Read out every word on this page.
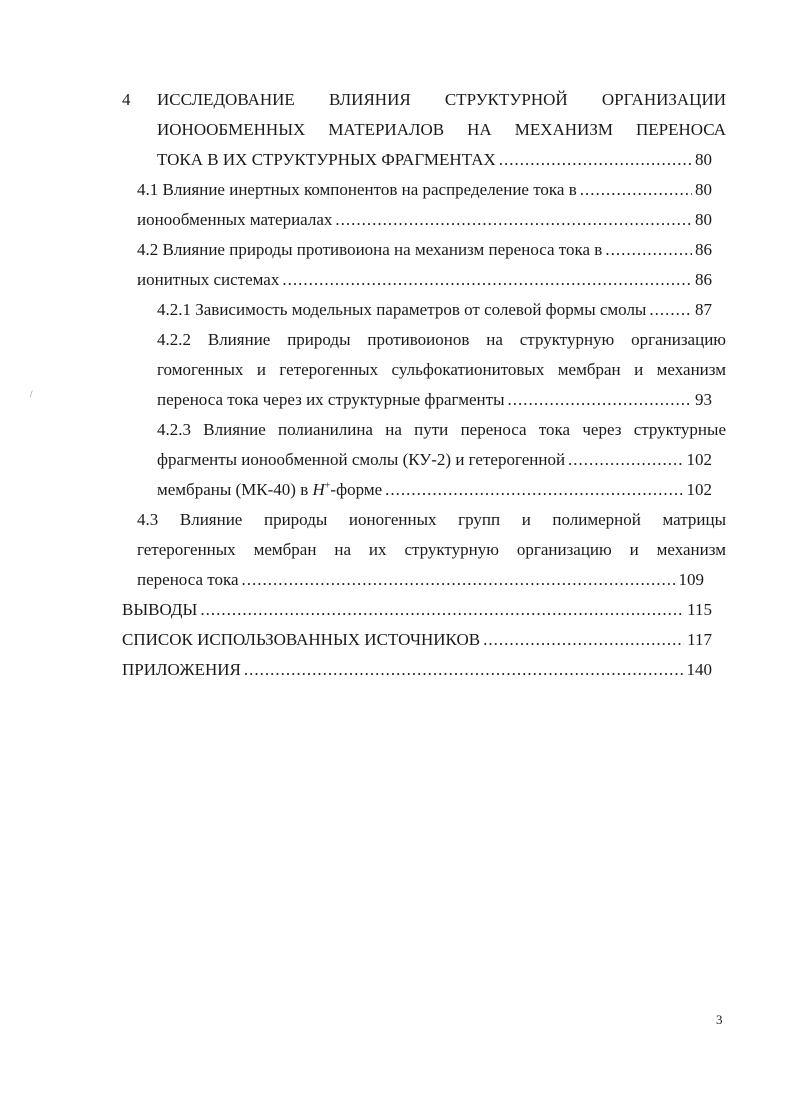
4 ИССЛЕДОВАНИЕ ВЛИЯНИЯ СТРУКТУРНОЙ ОРГАНИЗАЦИИ
ИОНООБМЕННЫХ МАТЕРИАЛОВ НА МЕХАНИЗМ ПЕРЕНОСА
ТОКА В ИХ СТРУКТУРНЫХ ФРАГМЕНТАХ .....	80
4.1 Влияние инертных компонентов на распределение тока в .....	80
ионообменных материалах .....	80
4.2 Влияние природы противоиона на механизм переноса тока в .....	86
ионитных системах .....	86
4.2.1 Зависимость модельных параметров от солевой формы смолы .....	87
4.2.2 Влияние природы противоионов на структурную организацию
гомогенных и гетерогенных сульфокатионитовых мембран и механизм
переноса тока через их структурные фрагменты .....	93
4.2.3 Влияние полианилина на пути переноса тока через структурные
фрагменты ионообменной смолы (КУ-2) и гетерогенной .....	102
мембраны (МК-40) в H+-форме .....	102
4.3 Влияние природы ионогенных групп и полимерной матрицы
гетерогенных мембран на их структурную организацию и механизм
переноса тока .....	109
ВЫВОДЫ .....	115
СПИСОК ИСПОЛЬЗОВАННЫХ ИСТОЧНИКОВ .....	117
ПРИЛОЖЕНИЯ .....	140
/
3
